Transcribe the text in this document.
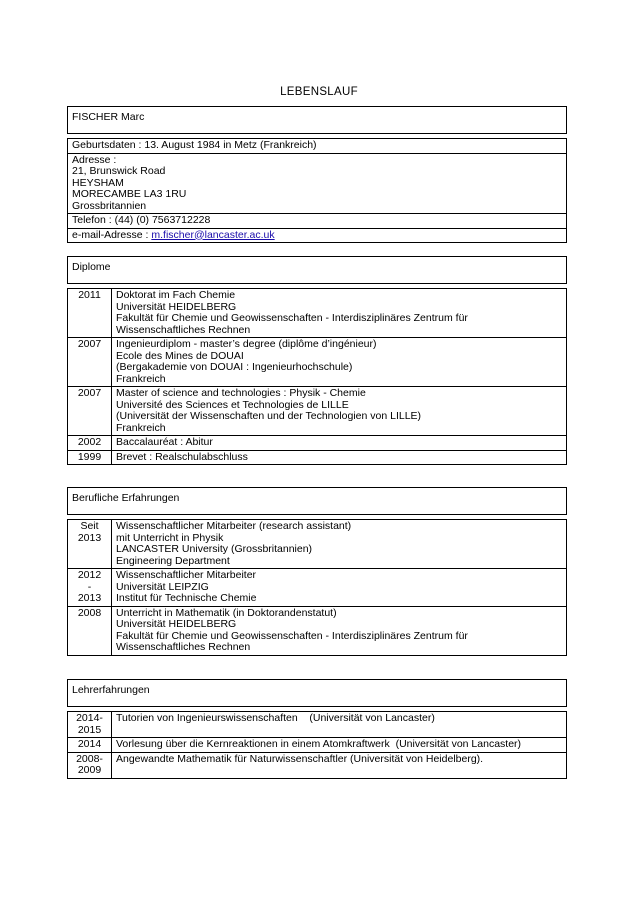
LEBENSLAUF
FISCHER Marc

Geburtsdaten : 13. August 1984 in Metz (Frankreich)

Adresse :
21, Brunswick Road
HEYSHAM
MORECAMBE LA3 1RU
Grossbritannien

Telefon : (44) (0) 7563712228
e-mail-Adresse : m.fischer@lancaster.ac.uk
Diplome	

2011	Doktorat im Fach Chemie
Universität HEIDELBERG
Fakultät für Chemie und Geowissenschaften - Interdisziplinäres Zentrum für
Wissenschaftliches Rechnen

2007	Ingenieurdiplom - master’s degree (diplôme d’ingénieur)
Ecole des Mines de DOUAI
(Bergakademie von DOUAI : Ingenieurhochschule)
Frankreich

2007	Master of science and technologies : Physik - Chemie
Université des Sciences et Technologies de LILLE
(Universität der Wissenschaften und der Technologien von LILLE)
Frankreich

2002	Baccalauréat : Abitur

1999	Brevet : Realschulabschluss
Berufliche Erfahrungen	

Seit
2013	Wissenschaftlicher Mitarbeiter (research assistant)
mit Unterricht in Physik
LANCASTER University (Grossbritannien)
Engineering Department

2012
-
2013	Wissenschaftlicher Mitarbeiter
Universität LEIPZIG
Institut für Technische Chemie

2008	Unterricht in Mathematik (in Doktorandenstatut)
Universität HEIDELBERG
Fakultät für Chemie und Geowissenschaften - Interdisziplinäres Zentrum für
Wissenschaftliches Rechnen
Lehrerfahrungen	

2014-
2015	Tutorien von Ingenieurswissenschaften    (Universität von Lancaster)

2014	Vorlesung über die Kernreaktionen in einem Atomkraftwerk  (Universität von Lancaster)

2008-
2009	Angewandte Mathematik für Naturwissenschaftler (Universität von Heidelberg).
